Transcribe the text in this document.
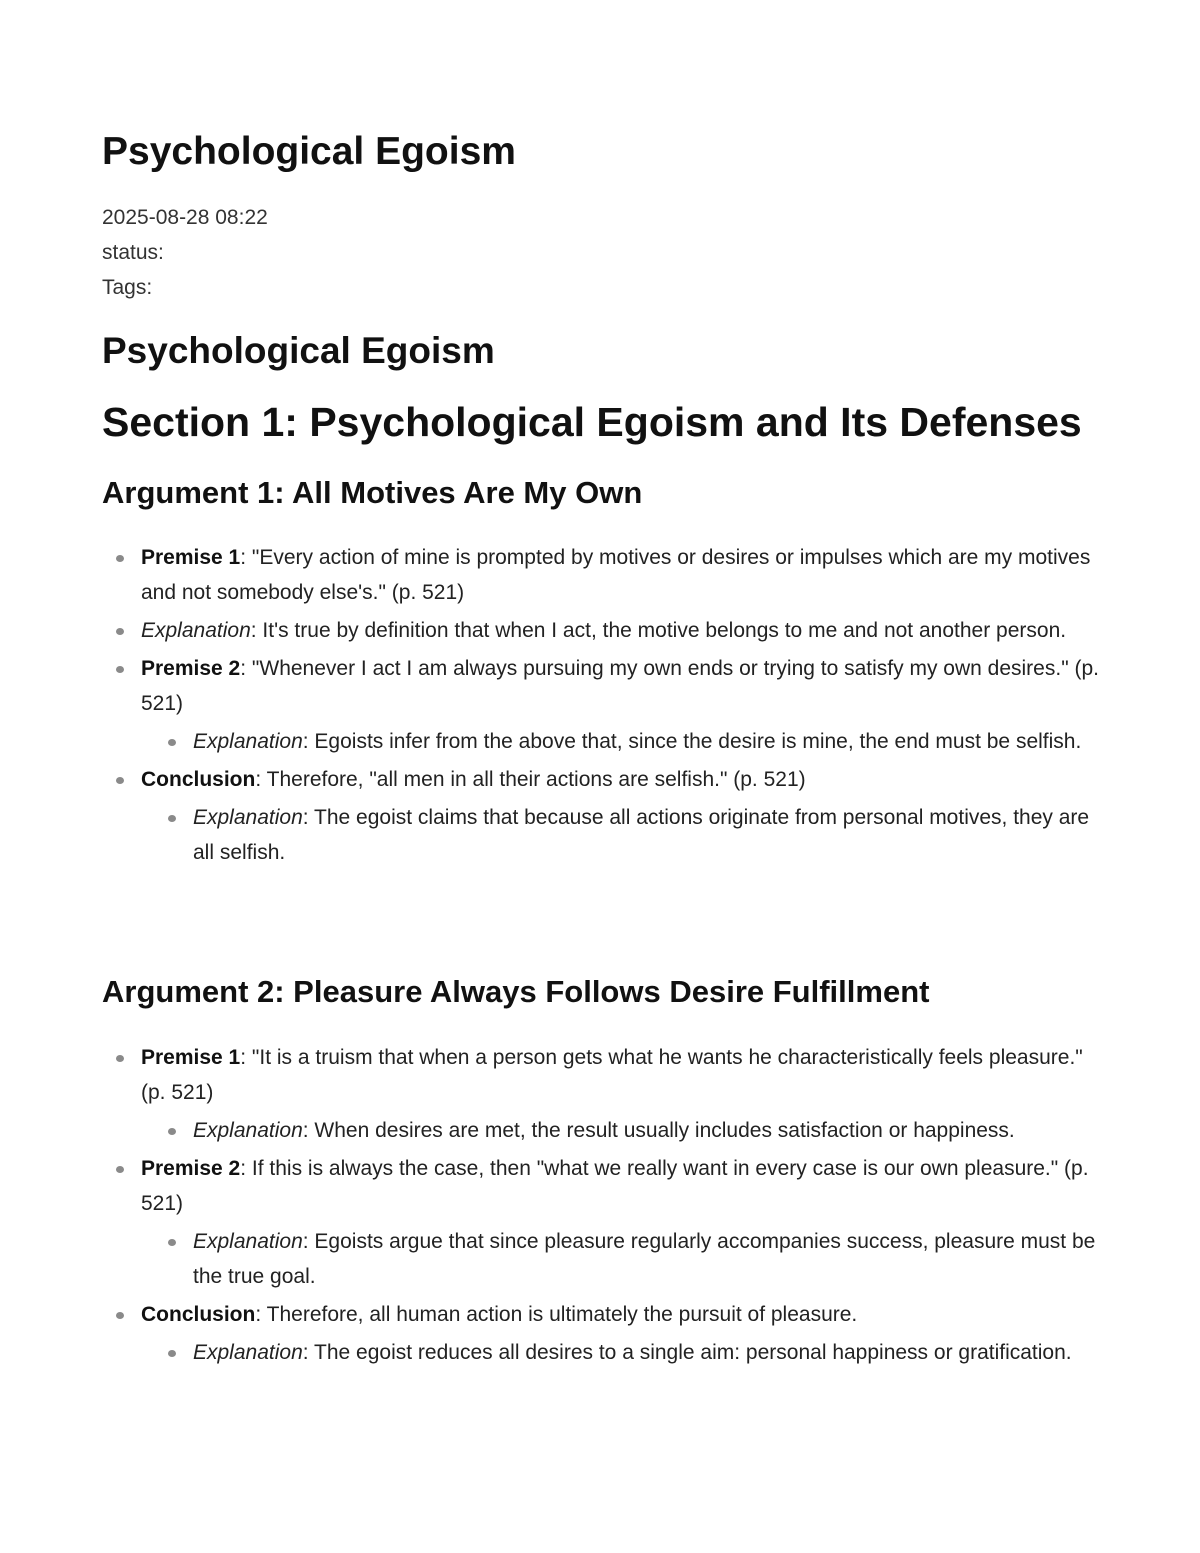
Psychological Egoism
2025-08-28 08:22
status:
Tags:
Psychological Egoism
Section 1: Psychological Egoism and Its Defenses
Argument 1: All Motives Are My Own
Premise 1: "Every action of mine is prompted by motives or desires or impulses which are my motives and not somebody else's." (p. 521)
Explanation: It's true by definition that when I act, the motive belongs to me and not another person.
Premise 2: "Whenever I act I am always pursuing my own ends or trying to satisfy my own desires." (p. 521)
Explanation: Egoists infer from the above that, since the desire is mine, the end must be selfish.
Conclusion: Therefore, "all men in all their actions are selfish." (p. 521)
Explanation: The egoist claims that because all actions originate from personal motives, they are all selfish.
Argument 2: Pleasure Always Follows Desire Fulfillment
Premise 1: "It is a truism that when a person gets what he wants he characteristically feels pleasure." (p. 521)
Explanation: When desires are met, the result usually includes satisfaction or happiness.
Premise 2: If this is always the case, then "what we really want in every case is our own pleasure." (p. 521)
Explanation: Egoists argue that since pleasure regularly accompanies success, pleasure must be the true goal.
Conclusion: Therefore, all human action is ultimately the pursuit of pleasure.
Explanation: The egoist reduces all desires to a single aim: personal happiness or gratification.
